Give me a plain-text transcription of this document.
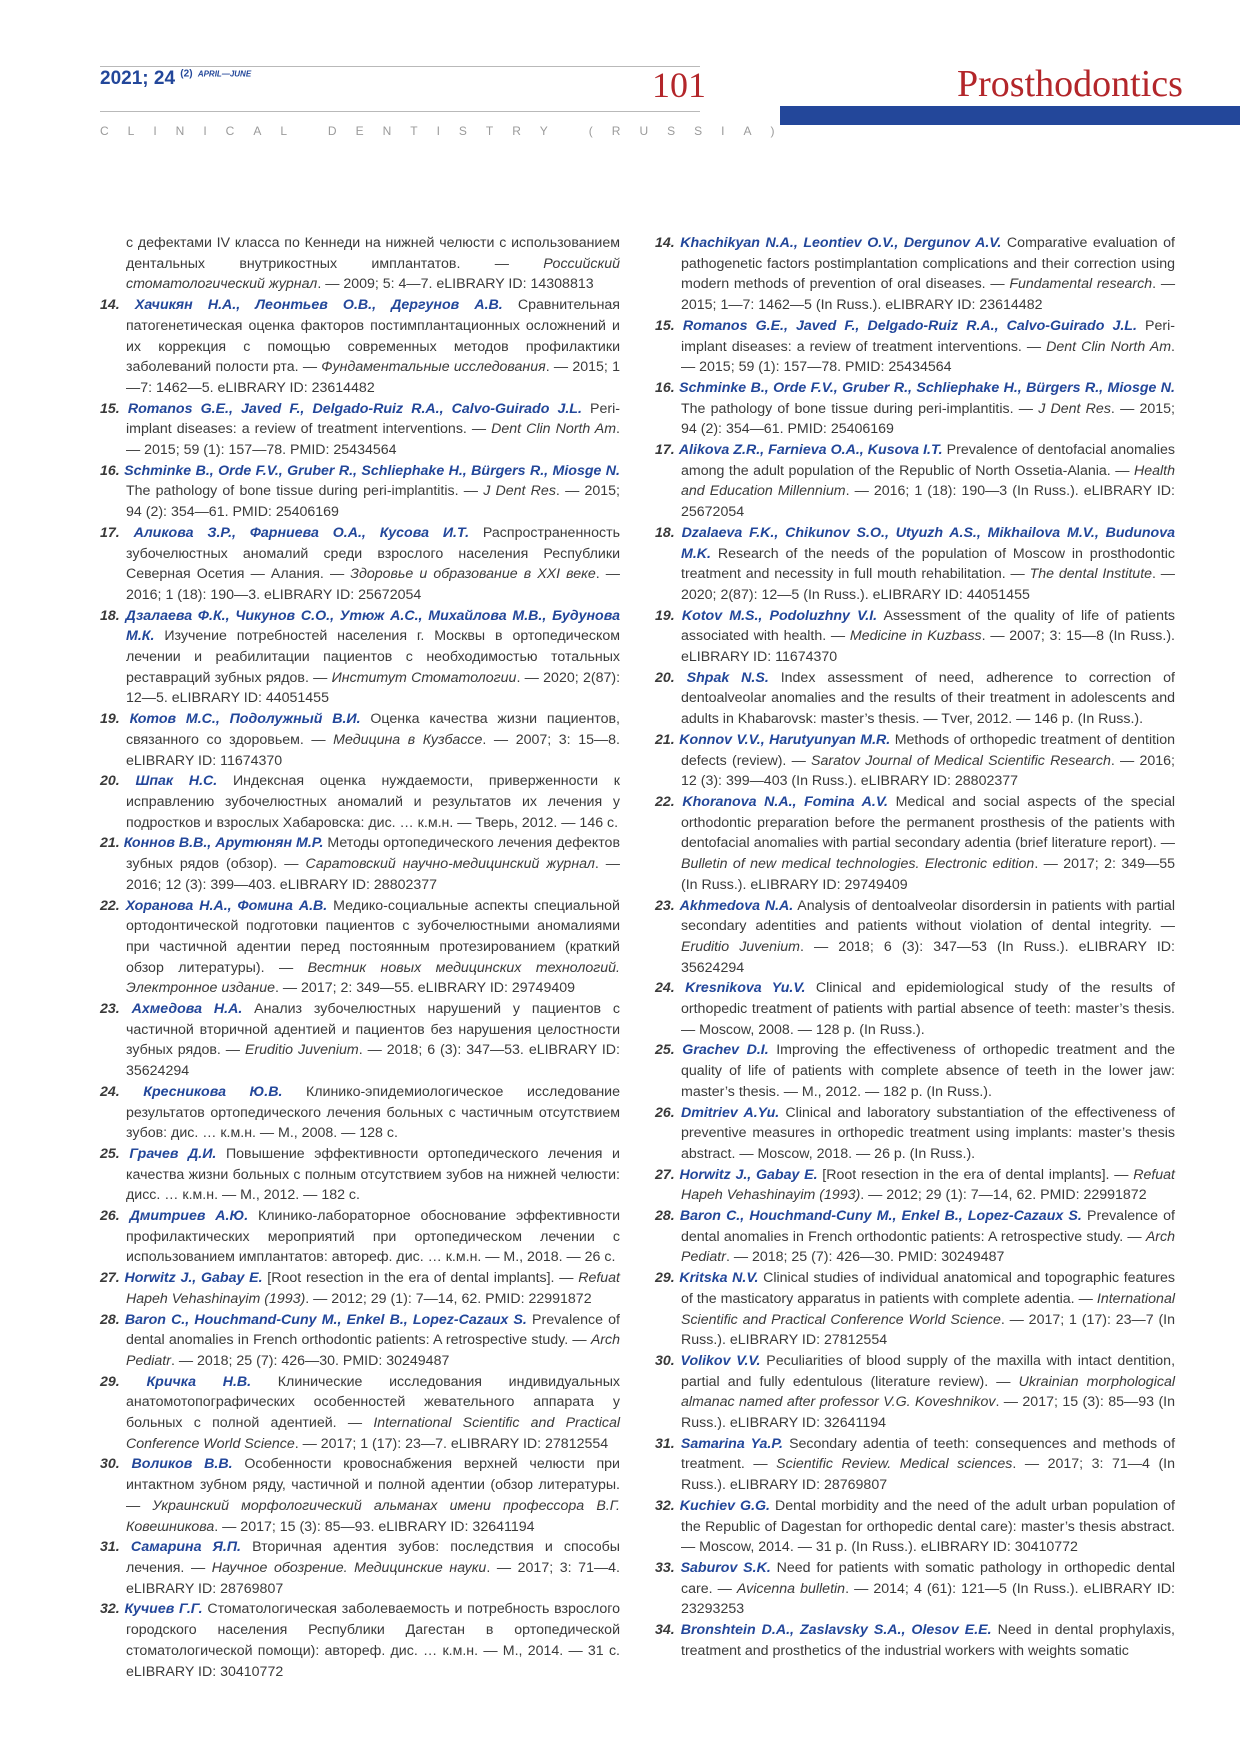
2021; 24 $^{(2)}$ $^{APRIL—JUNE}$	101	Prosthodontics
CLINICAL DENTISTRY (RUSSIA)
с дефектами IV класса по Кеннеди на нижней челюсти с использованием дентальных внутрикостных имплантатов. — Российский стоматологический журнал. — 2009; 5: 4—7. eLIBRARY ID: 14308813
14. Хачикян Н.А., Леонтьев О.В., Дергунов А.В. Сравнительная патогенетическая оценка факторов постимплантационных осложнений и их коррекция с помощью современных методов профилактики заболеваний полости рта. — Фундаментальные исследования. — 2015; 1—7: 1462—5. eLIBRARY ID: 23614482
15. Romanos G.E., Javed F., Delgado-Ruiz R.A., Calvo-Guirado J.L. Peri-implant diseases: a review of treatment interventions. — Dent Clin North Am. — 2015; 59 (1): 157—78. PMID: 25434564
16. Schminke B., Orde F.V., Gruber R., Schliephake H., Bürgers R., Miosge N. The pathology of bone tissue during peri-implantitis. — J Dent Res. — 2015; 94 (2): 354—61. PMID: 25406169
17. Аликова З.Р., Фарниева О.А., Кусова И.Т. Распространенность зубочелюстных аномалий среди взрослого населения Республики Северная Осетия — Алания. — Здоровье и образование в XXI веке. — 2016; 1 (18): 190—3. eLIBRARY ID: 25672054
18. Дзалаева Ф.К., Чикунов С.О., Утюж А.С., Михайлова М.В., Будунова М.К. Изучение потребностей населения г. Москвы в ортопедическом лечении и реабилитации пациентов с необходимостью тотальных реставраций зубных рядов. — Институт Стоматологии. — 2020; 2(87): 12—5. eLIBRARY ID: 44051455
19. Котов М.С., Подолужный В.И. Оценка качества жизни пациентов, связанного со здоровьем. — Медицина в Кузбассе. — 2007; 3: 15—8. eLIBRARY ID: 11674370
20. Шпак Н.С. Индексная оценка нуждаемости, приверженности к исправлению зубочелюстных аномалий и результатов их лечения у подростков и взрослых Хабаровска: дис. … к.м.н. — Тверь, 2012. — 146 с.
21. Коннов В.В., Арутюнян М.Р. Методы ортопедического лечения дефектов зубных рядов (обзор). — Саратовский научно-медицинский журнал. — 2016; 12 (3): 399—403. eLIBRARY ID: 28802377
22. Хоранова Н.А., Фомина А.В. Медико-социальные аспекты специальной ортодонтической подготовки пациентов с зубочелюстными аномалиями при частичной адентии перед постоянным протезированием (краткий обзор литературы). — Вестник новых медицинских технологий. Электронное издание. — 2017; 2: 349—55. eLIBRARY ID: 29749409
23. Ахмедова Н.А. Анализ зубочелюстных нарушений у пациентов с частичной вторичной адентией и пациентов без нарушения целостности зубных рядов. — Eruditio Juvenium. — 2018; 6 (3): 347—53. eLIBRARY ID: 35624294
24. Кресникова Ю.В. Клинико-эпидемиологическое исследование результатов ортопедического лечения больных с частичным отсутствием зубов: дис. … к.м.н. — М., 2008. — 128 с.
25. Грачев Д.И. Повышение эффективности ортопедического лечения и качества жизни больных с полным отсутствием зубов на нижней челюсти: дисс. … к.м.н. — М., 2012. — 182 с.
26. Дмитриев А.Ю. Клинико-лабораторное обоснование эффективности профилактических мероприятий при ортопедическом лечении с использованием имплантатов: автореф. дис. … к.м.н. — М., 2018. — 26 с.
27. Horwitz J., Gabay E. [Root resection in the era of dental implants]. — Refuat Hapeh Vehashinayim (1993). — 2012; 29 (1): 7—14, 62. PMID: 22991872
28. Baron C., Houchmand-Cuny M., Enkel B., Lopez-Cazaux S. Prevalence of dental anomalies in French orthodontic patients: A retrospective study. — Arch Pediatr. — 2018; 25 (7): 426—30. PMID: 30249487
29. Кричка Н.В. Клинические исследования индивидуальных анатомотопографических особенностей жевательного аппарата у больных с полной адентией. — International Scientific and Practical Conference World Science. — 2017; 1 (17): 23—7. eLIBRARY ID: 27812554
30. Воликов В.В. Особенности кровоснабжения верхней челюсти при интактном зубном ряду, частичной и полной адентии (обзор литературы. — Украинский морфологический альманах имени профессора В.Г. Ковешникова. — 2017; 15 (3): 85—93. eLIBRARY ID: 32641194
31. Самарина Я.П. Вторичная адентия зубов: последствия и способы лечения. — Научное обозрение. Медицинские науки. — 2017; 3: 71—4. eLIBRARY ID: 28769807
32. Кучиев Г.Г. Стоматологическая заболеваемость и потребность взрослого городского населения Республики Дагестан в ортопедической стоматологической помощи): автореф. дис. … к.м.н. — М., 2014. — 31 с. eLIBRARY ID: 30410772
14. Khachikyan N.A., Leontiev O.V., Dergunov A.V. Comparative evaluation of pathogenetic factors postimplantation complications and their correction using modern methods of prevention of oral diseases. — Fundamental research. — 2015; 1—7: 1462—5 (In Russ.). eLIBRARY ID: 23614482
15. Romanos G.E., Javed F., Delgado-Ruiz R.A., Calvo-Guirado J.L. Peri-implant diseases: a review of treatment interventions. — Dent Clin North Am. — 2015; 59 (1): 157—78. PMID: 25434564
16. Schminke B., Orde F.V., Gruber R., Schliephake H., Bürgers R., Miosge N. The pathology of bone tissue during peri-implantitis. — J Dent Res. — 2015; 94 (2): 354—61. PMID: 25406169
17. Alikova Z.R., Farnieva O.A., Kusova I.T. Prevalence of dentofacial anomalies among the adult population of the Republic of North Ossetia-Alania. — Health and Education Millennium. — 2016; 1 (18): 190—3 (In Russ.). eLIBRARY ID: 25672054
18. Dzalaeva F.K., Chikunov S.O., Utyuzh A.S., Mikhailova M.V., Budunova M.K. Research of the needs of the population of Moscow in prosthodontic treatment and necessity in full mouth rehabilitation. — The dental Institute. — 2020; 2(87): 12—5 (In Russ.). eLIBRARY ID: 44051455
19. Kotov M.S., Podoluzhny V.I. Assessment of the quality of life of patients associated with health. — Medicine in Kuzbass. — 2007; 3: 15—8 (In Russ.). eLIBRARY ID: 11674370
20. Shpak N.S. Index assessment of need, adherence to correction of dentoalveolar anomalies and the results of their treatment in adolescents and adults in Khabarovsk: master’s thesis. — Tver, 2012. — 146 p. (In Russ.).
21. Konnov V.V., Harutyunyan M.R. Methods of orthopedic treatment of dentition defects (review). — Saratov Journal of Medical Scientific Research. — 2016; 12 (3): 399—403 (In Russ.). eLIBRARY ID: 28802377
22. Khoranova N.A., Fomina A.V. Medical and social aspects of the special orthodontic preparation before the permanent prosthesis of the patients with dentofacial anomalies with partial secondary adentia (brief literature report). — Bulletin of new medical technologies. Electronic edition. — 2017; 2: 349—55 (In Russ.). eLIBRARY ID: 29749409
23. Akhmedova N.A. Analysis of dentoalveolar disordersin in patients with partial secondary adentities and patients without violation of dental integrity. — Eruditio Juvenium. — 2018; 6 (3): 347—53 (In Russ.). eLIBRARY ID: 35624294
24. Kresnikova Yu.V. Clinical and epidemiological study of the results of orthopedic treatment of patients with partial absence of teeth: master’s thesis. — Moscow, 2008. — 128 p. (In Russ.).
25. Grachev D.I. Improving the effectiveness of orthopedic treatment and the quality of life of patients with complete absence of teeth in the lower jaw: master’s thesis. — M., 2012. — 182 p. (In Russ.).
26. Dmitriev A.Yu. Clinical and laboratory substantiation of the effectiveness of preventive measures in orthopedic treatment using implants: master’s thesis abstract. — Moscow, 2018. — 26 p. (In Russ.).
27. Horwitz J., Gabay E. [Root resection in the era of dental implants]. — Refuat Hapeh Vehashinayim (1993). — 2012; 29 (1): 7—14, 62. PMID: 22991872
28. Baron C., Houchmand-Cuny M., Enkel B., Lopez-Cazaux S. Prevalence of dental anomalies in French orthodontic patients: A retrospective study. — Arch Pediatr. — 2018; 25 (7): 426—30. PMID: 30249487
29. Kritska N.V. Clinical studies of individual anatomical and topographic features of the masticatory apparatus in patients with complete adentia. — International Scientific and Practical Conference World Science. — 2017; 1 (17): 23—7 (In Russ.). eLIBRARY ID: 27812554
30. Volikov V.V. Peculiarities of blood supply of the maxilla with intact dentition, partial and fully edentulous (literature review). — Ukrainian morphological almanac named after professor V.G. Koveshnikov. — 2017; 15 (3): 85—93 (In Russ.). eLIBRARY ID: 32641194
31. Samarina Ya.P. Secondary adentia of teeth: consequences and methods of treatment. — Scientific Review. Medical sciences. — 2017; 3: 71—4 (In Russ.). eLIBRARY ID: 28769807
32. Kuchiev G.G. Dental morbidity and the need of the adult urban population of the Republic of Dagestan for orthopedic dental care): master’s thesis abstract. — Moscow, 2014. — 31 p. (In Russ.). eLIBRARY ID: 30410772
33. Saburov S.K. Need for patients with somatic pathology in orthopedic dental care. — Avicenna bulletin. — 2014; 4 (61): 121—5 (In Russ.). eLIBRARY ID: 23293253
34. Bronshtein D.A., Zaslavsky S.A., Olesov E.E. Need in dental prophylaxis, treatment and prosthetics of the industrial workers with weights somatic
